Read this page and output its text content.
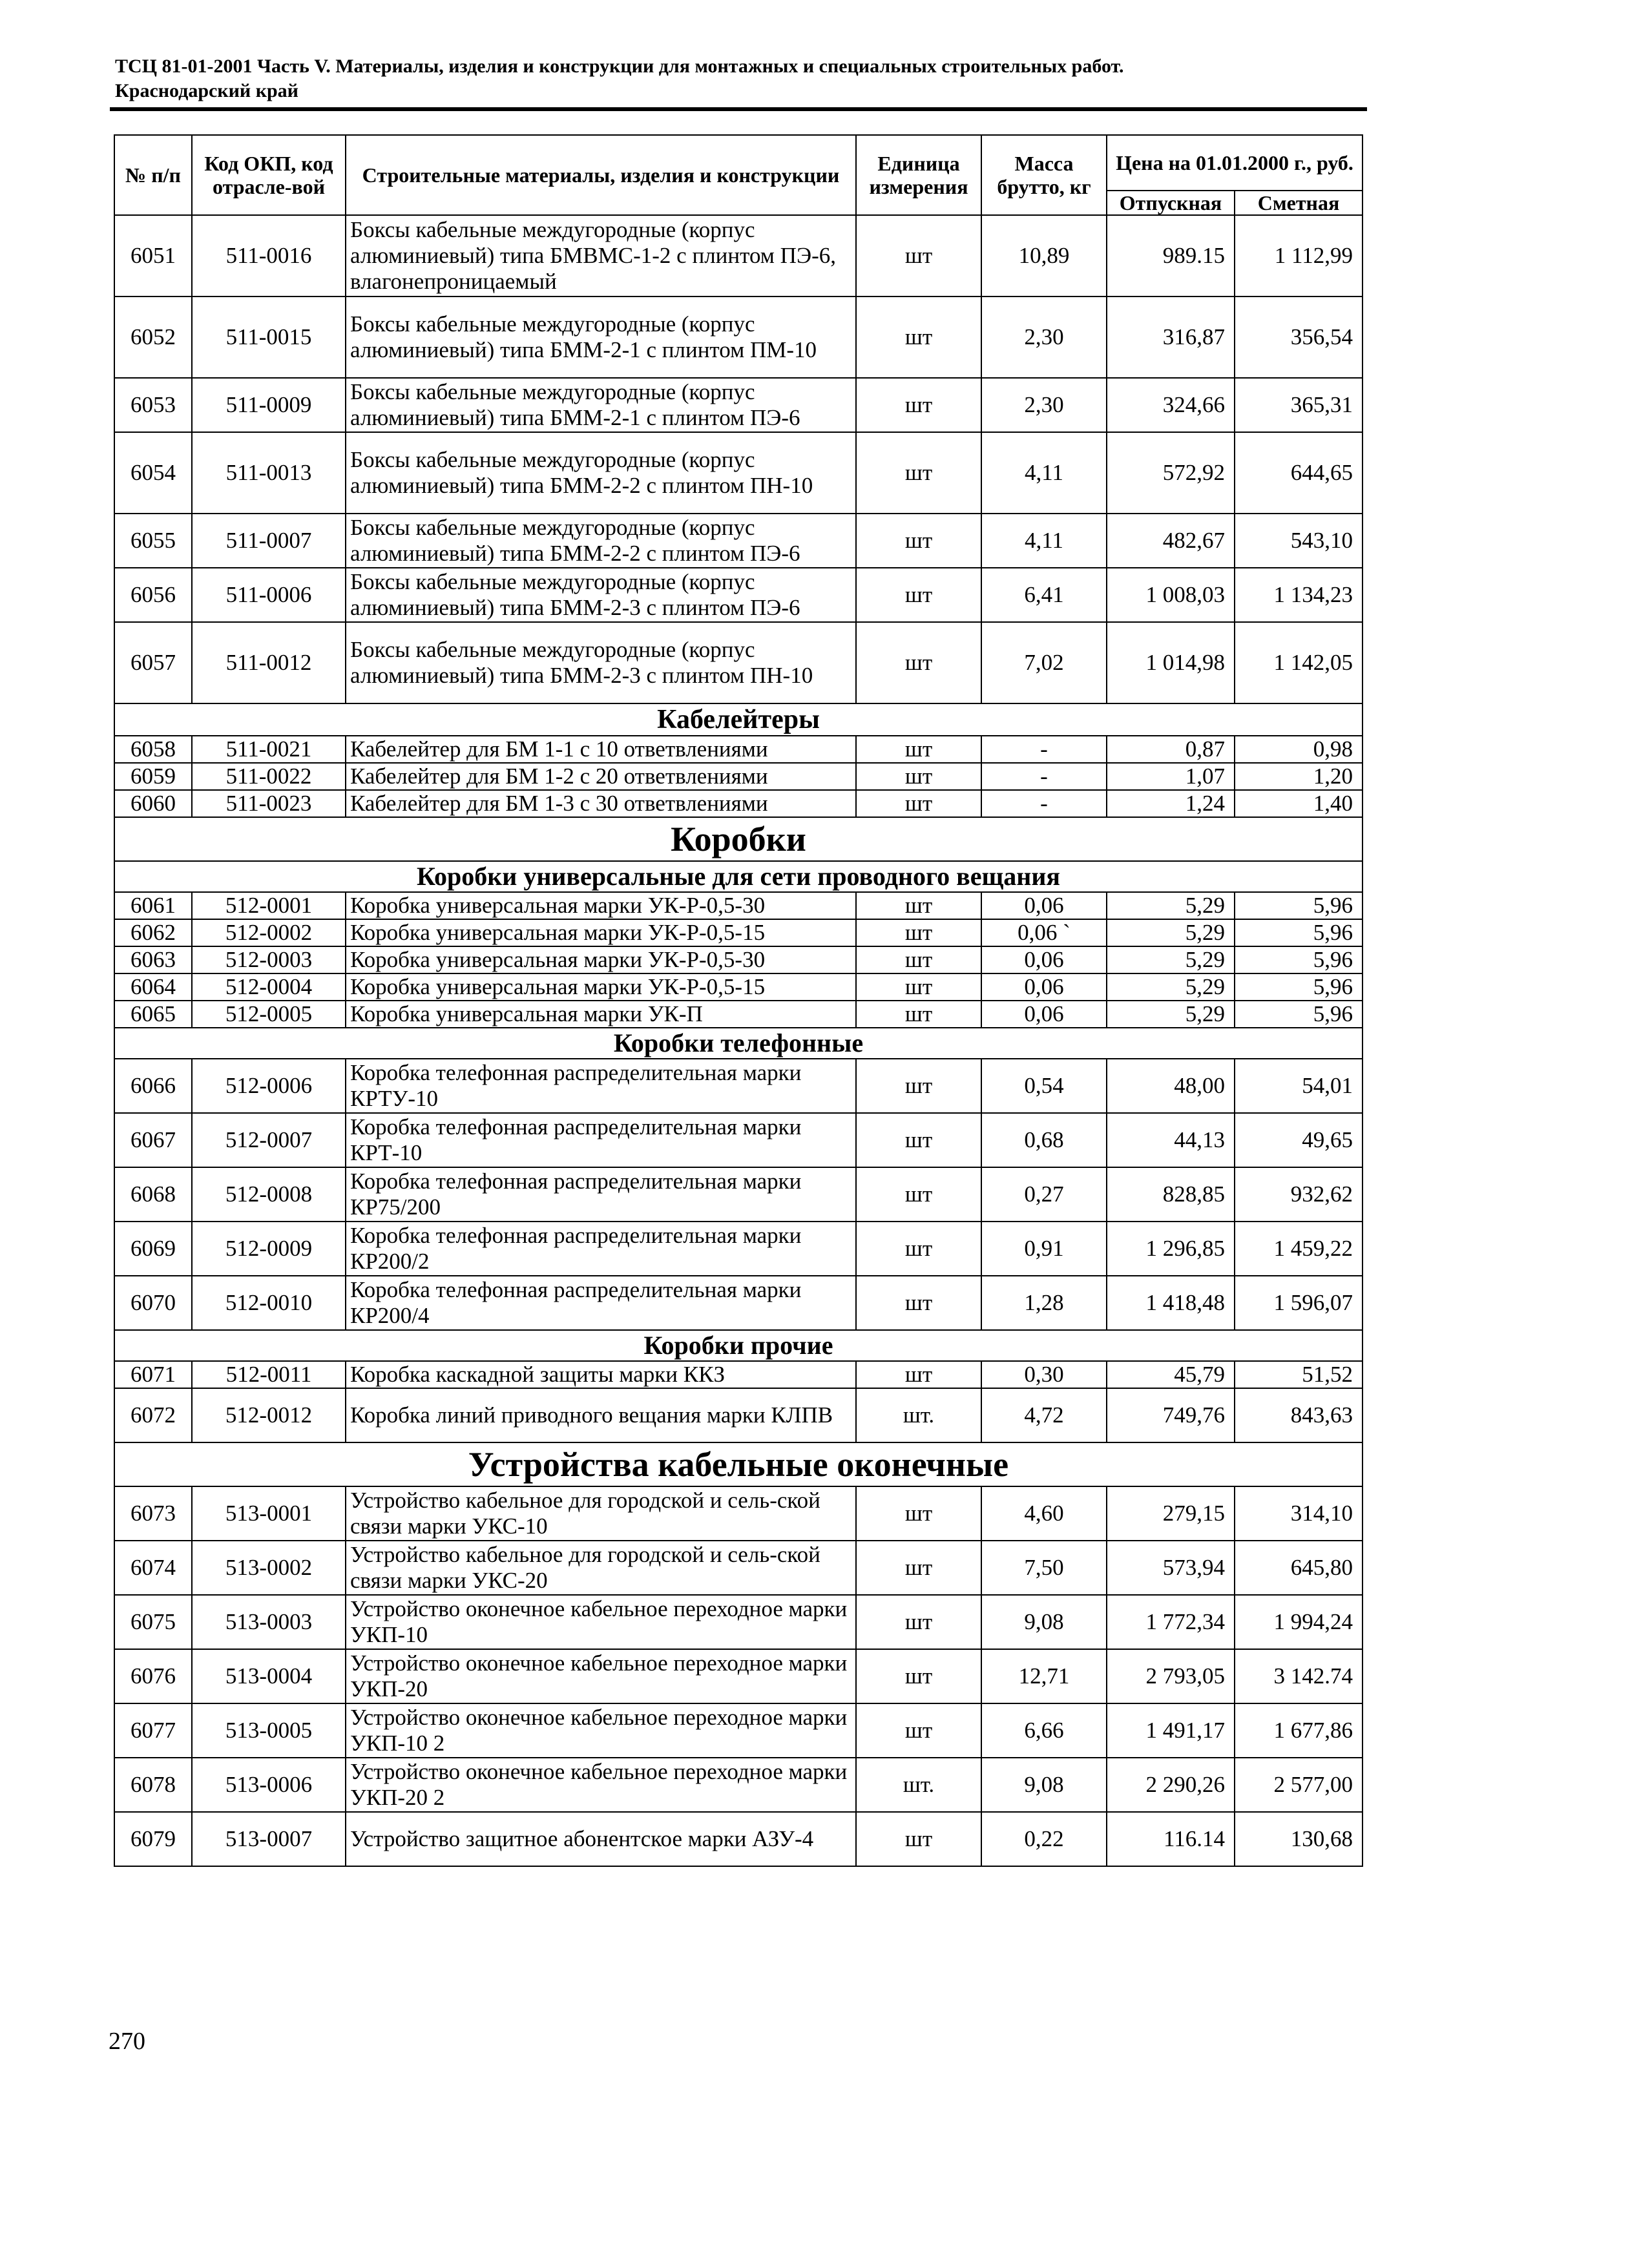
ТСЦ 81-01-2001 Часть V. Материалы, изделия и конструкции для монтажных и специальных строительных работ.
Краснодарский край
№ п/п	Код ОКП, код отрасле-вой	Строительные материалы, изделия и конструкции	Единица измерения	Масса брутто, кг	Цена на 01.01.2000 г., руб.	
					Отпускная	Сметная
6051	511-0016	Боксы кабельные междугородные (корпус алюминиевый) типа БМВМС-1-2 с плинтом ПЭ-6, влагонепроницаемый	шт	10,89	989.15	1 112,99
6052	511-0015	Боксы кабельные междугородные (корпус алюминиевый) типа БММ-2-1 с плинтом ПМ-10	шт	2,30	316,87	356,54
6053	511-0009	Боксы кабельные междугородные (корпус алюминиевый) типа БММ-2-1 с плинтом ПЭ-6	шт	2,30	324,66	365,31
6054	511-0013	Боксы кабельные междугородные (корпус алюминиевый) типа БММ-2-2 с плинтом ПН-10	шт	4,11	572,92	644,65
6055	511-0007	Боксы кабельные междугородные (корпус алюминиевый) типа БММ-2-2 с плинтом ПЭ-6	шт	4,11	482,67	543,10
6056	511-0006	Боксы кабельные междугородные (корпус алюминиевый) типа БММ-2-3 с плинтом ПЭ-6	шт	6,41	1 008,03	1 134,23
6057	511-0012	Боксы кабельные междугородные (корпус алюминиевый) типа БММ-2-3 с плинтом ПН-10	шт	7,02	1 014,98	1 142,05
Кабелейтеры						
6058	511-0021	Кабелейтер для БМ 1-1 с 10 ответвлениями	шт	-	0,87	0,98
6059	511-0022	Кабелейтер для БМ 1-2 с 20 ответвлениями	шт	-	1,07	1,20
6060	511-0023	Кабелейтер для БМ 1-3 с 30 ответвлениями	шт	-	1,24	1,40
Коробки						
Коробки универсальные для сети проводного вещания						
6061	512-0001	Коробка универсальная марки УК-Р-0,5-30	шт	0,06	5,29	5,96
6062	512-0002	Коробка универсальная марки УК-Р-0,5-15	шт	0,06 `	5,29	5,96
6063	512-0003	Коробка универсальная марки УК-Р-0,5-30	шт	0,06	5,29	5,96
6064	512-0004	Коробка универсальная марки УК-Р-0,5-15	шт	0,06	5,29	5,96
6065	512-0005	Коробка универсальная марки УК-П	шт	0,06	5,29	5,96
Коробки телефонные						
6066	512-0006	Коробка телефонная распределительная марки КРТУ-10	шт	0,54	48,00	54,01
6067	512-0007	Коробка телефонная распределительная марки КРТ-10	шт	0,68	44,13	49,65
6068	512-0008	Коробка телефонная распределительная марки КР75/200	шт	0,27	828,85	932,62
6069	512-0009	Коробка телефонная распределительная марки КР200/2	шт	0,91	1 296,85	1 459,22
6070	512-0010	Коробка телефонная распределительная марки КР200/4	шт	1,28	1 418,48	1 596,07
Коробки прочие						
6071	512-0011	Коробка каскадной защиты марки ККЗ	шт	0,30	45,79	51,52
6072	512-0012	Коробка линий приводного вещания марки КЛПВ	шт.	4,72	749,76	843,63
Устройства кабельные оконечные						
6073	513-0001	Устройство кабельное для городской и сель-ской связи марки УКС-10	шт	4,60	279,15	314,10
6074	513-0002	Устройство кабельное для городской и сель-ской связи марки УКС-20	шт	7,50	573,94	645,80
6075	513-0003	Устройство оконечное кабельное переходное марки УКП-10	шт	9,08	1 772,34	1 994,24
6076	513-0004	Устройство оконечное кабельное переходное марки УКП-20	шт	12,71	2 793,05	3 142.74
6077	513-0005	Устройство оконечное кабельное переходное марки УКП-10 2	шт	6,66	1 491,17	1 677,86
6078	513-0006	Устройство оконечное кабельное переходное марки УКП-20 2	шт.	9,08	2 290,26	2 577,00
6079	513-0007	Устройство защитное абонентское марки АЗУ-4	шт	0,22	116.14	130,68
270
